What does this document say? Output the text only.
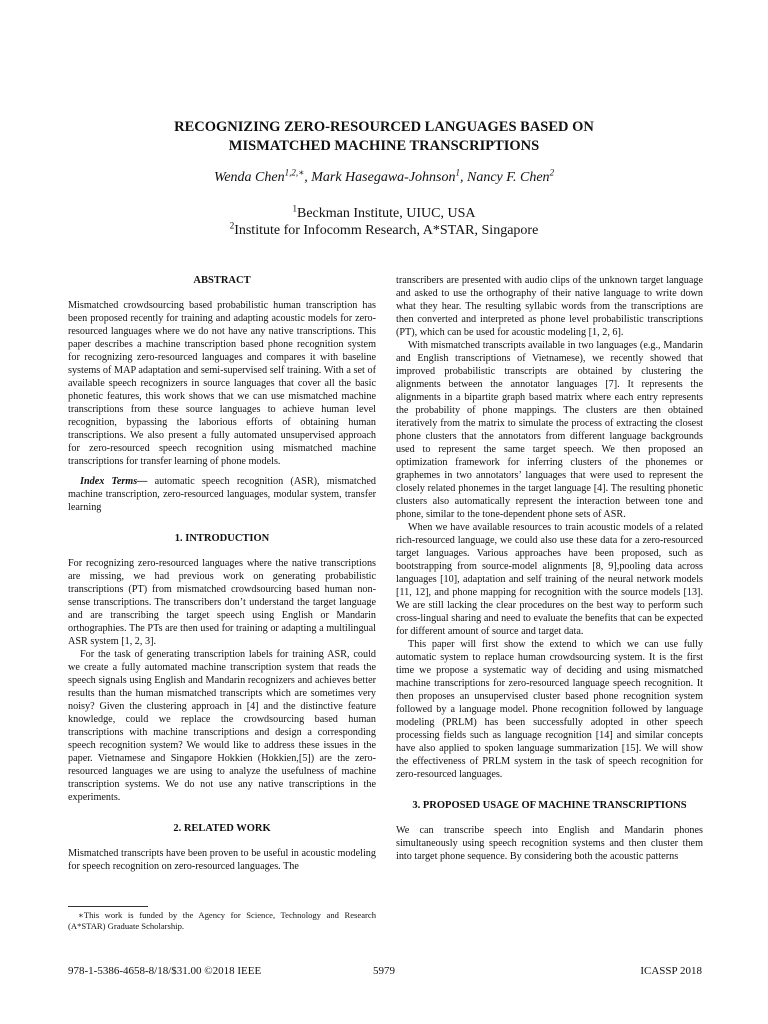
RECOGNIZING ZERO-RESOURCED LANGUAGES BASED ON
MISMATCHED MACHINE TRANSCRIPTIONS
Wenda Chen$^{1,2,∗}$, Mark Hasegawa-Johnson$^1$, Nancy F. Chen$^2$
$^1$Beckman Institute, UIUC, USA
$^2$Institute for Infocomm Research, A*STAR, Singapore
ABSTRACT

Mismatched crowdsourcing based probabilistic human transcription has been proposed recently for training and adapting acoustic models for zero-resourced languages where we do not have any native transcriptions. This paper describes a machine transcription based phone recognition system for recognizing zero-resourced languages and compares it with baseline systems of MAP adaptation and semi-supervised self training. With a set of available speech recognizers in source languages that cover all the basic phonetic features, this work shows that we can use mismatched machine transcriptions from these source languages to achieve human level recognition, bypassing the laborious efforts of obtaining human transcriptions. We also present a fully automated unsupervised approach for zero-resourced speech recognition using mismatched machine transcriptions for transfer learning of phone models.

Index Terms— automatic speech recognition (ASR), mismatched machine transcription, zero-resourced languages, modular system, transfer learning

1. INTRODUCTION

For recognizing zero-resourced languages where the native transcriptions are missing, we had previous work on generating probabilistic transcriptions (PT) from mismatched crowdsourcing based human non-sense transcriptions. The transcribers don’t understand the target language and are transcribing the target speech using English or Mandarin orthographies. The PTs are then used for training or adapting a multilingual ASR system [1, 2, 3].

For the task of generating transcription labels for training ASR, could we create a fully automated machine transcription system that reads the speech signals using English and Mandarin recognizers and achieves better results than the human mismatched transcripts which are sometimes very noisy? Given the clustering approach in [4] and the distinctive feature knowledge, could we replace the crowdsourcing based human transcriptions with machine transcriptions and design a corresponding speech recognition system? We would like to address these issues in the paper. Vietnamese and Singapore Hokkien (Hokkien,[5]) are the zero-resourced languages we are using to analyze the usefulness of machine transcription systems. We do not use any native transcriptions in the experiments.

2. RELATED WORK

Mismatched transcripts have been proven to be useful in acoustic modeling for speech recognition on zero-resourced languages. The

∗This work is funded by the Agency for Science, Technology and Research (A*STAR) Graduate Scholarship.

transcribers are presented with audio clips of the unknown target language and asked to use the orthography of their native language to write down what they hear. The resulting syllabic words from the transcriptions are then converted and interpreted as phone level probabilistic transcriptions (PT), which can be used for acoustic modeling [1, 2, 6].

With mismatched transcripts available in two languages (e.g., Mandarin and English transcriptions of Vietnamese), we recently showed that improved probabilistic transcripts are obtained by clustering the alignments between the annotator languages [7]. It represents the alignments in a bipartite graph based matrix where each entry represents the probability of phone mappings. The clusters are then obtained iteratively from the matrix to simulate the process of extracting the closest phone clusters that the annotators from different language backgrounds used to represent the same target speech. We then proposed an optimization framework for inferring clusters of the phonemes or graphemes in two annotators’ languages that were used to represent the closely related phonemes in the target language [4]. The resulting phonetic clusters also automatically represent the interaction between tone and phone, similar to the tone-dependent phone sets of ASR.

When we have available resources to train acoustic models of a related rich-resourced language, we could also use these data for a zero-resourced target languages. Various approaches have been proposed, such as bootstrapping from source-model alignments [8, 9],pooling data across languages [10], adaptation and self training of the neural network models [11, 12], and phone mapping for recognition with the source models [13]. We are still lacking the clear procedures on the best way to perform such cross-lingual sharing and need to evaluate the benefits that can be expected for different amount of source and target data.

This paper will first show the extend to which we can use fully automatic system to replace human crowdsourcing system. It is the first time we propose a systematic way of deciding and using mismatched machine transcriptions for zero-resourced language speech recognition. It then proposes an unsupervised cluster based phone recognition system followed by a language model. Phone recognition followed by language modeling (PRLM) has been successfully adopted in other speech processing fields such as language recognition [14] and similar concepts have also applied to spoken language summarization [15]. We will show the effectiveness of PRLM system in the task of speech recognition for zero-resourced languages.

3. PROPOSED USAGE OF MACHINE TRANSCRIPTIONS

We can transcribe speech into English and Mandarin phones simultaneously using speech recognition systems and then cluster them into target phone sequence. By considering both the acoustic patterns

978-1-5386-4658-8/18/$31.00 ©2018 IEEE	5979	ICASSP 2018
